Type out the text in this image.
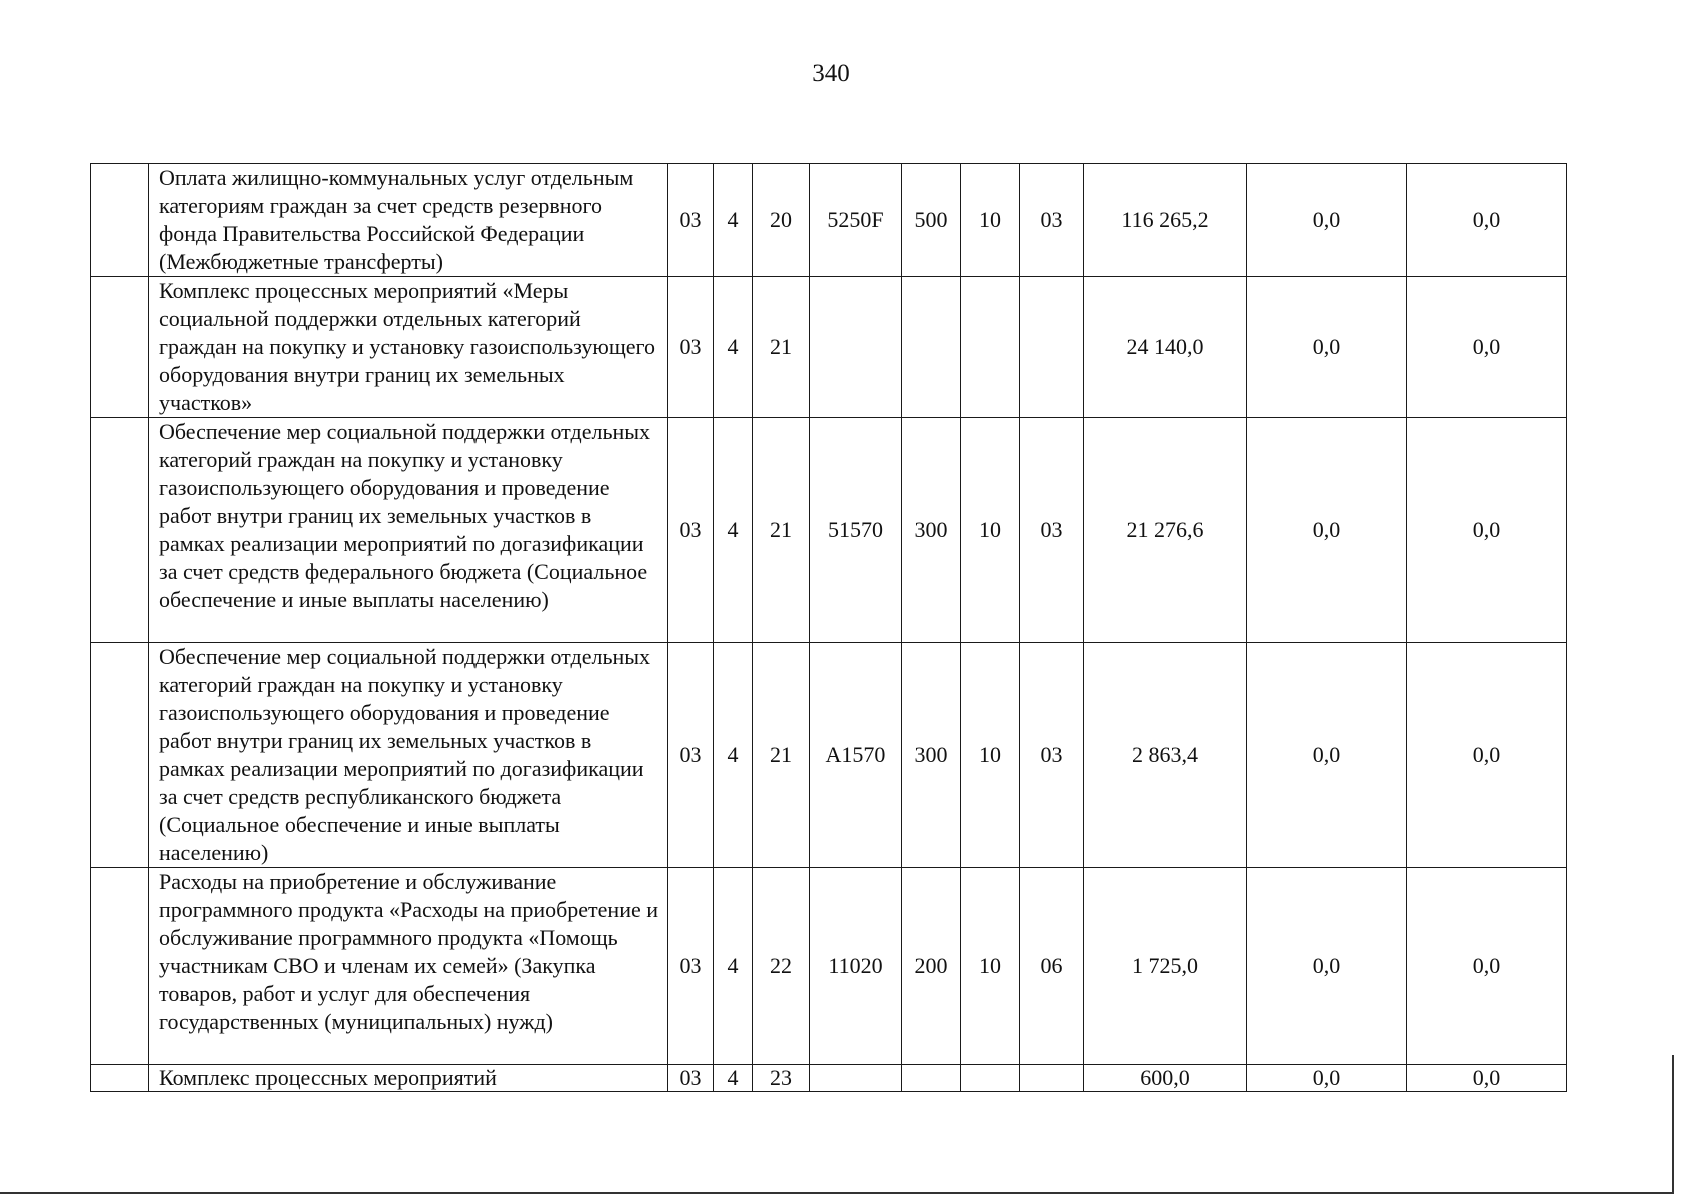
340
	Оплата жилищно-коммунальных услуг отдельным категориям граждан за счет средств резервного фонда Правительства Российской Федерации (Межбюджетные трансферты)	03	4	20	5250F	500	10	03	116 265,2	0,0	0,0
	Комплекс процессных мероприятий «Меры социальной поддержки отдельных категорий граждан на покупку и установку газоиспользующего оборудования внутри границ их земельных участков»	03	4	21					24 140,0	0,0	0,0
	Обеспечение мер социальной поддержки отдельных категорий граждан на покупку и установку газоиспользующего оборудования и проведение работ внутри границ их земельных участков в рамках реализации мероприятий по догазификации за счет средств федерального бюджета (Социальное обеспечение и иные выплаты населению)	03	4	21	51570	300	10	03	21 276,6	0,0	0,0
	Обеспечение мер социальной поддержки отдельных категорий граждан на покупку и установку газоиспользующего оборудования и проведение работ внутри границ их земельных участков в рамках реализации мероприятий по догазификации за счет средств республиканского бюджета (Социальное обеспечение и иные выплаты населению)	03	4	21	A1570	300	10	03	2 863,4	0,0	0,0
	Расходы на приобретение и обслуживание программного продукта «Расходы на приобретение и обслуживание программного продукта «Помощь участникам СВО и членам их семей» (Закупка товаров, работ и услуг для обеспечения государственных (муниципальных) нужд)	03	4	22	11020	200	10	06	1 725,0	0,0	0,0
	Комплекс процессных мероприятий	03	4	23					600,0	0,0	0,0
